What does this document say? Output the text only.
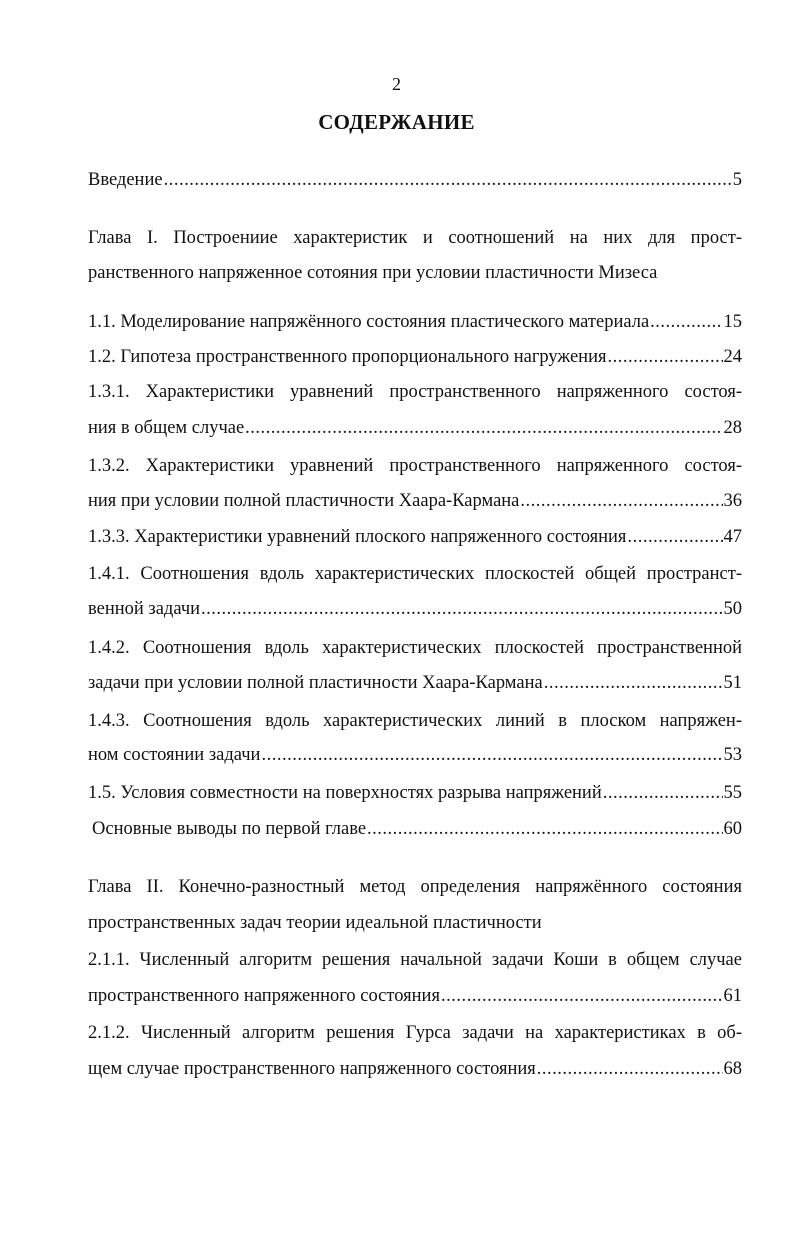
2
СОДЕРЖАНИЕ
Введение .....	5
Глава I. Построениие характеристик и соотношений на них для прост-
ранственного напряженное сотояния при условии пластичности Мизеса
1.1. Моделирование напряжённого состояния пластического материала .....	15
1.2. Гипотеза пространственного пропорционального нагружения .....	24
1.3.1. Характеристики уравнений пространственного напряженного состоя-
ния в общем случае .....	28
1.3.2. Характеристики уравнений пространственного напряженного состоя-
ния при условии полной пластичности Хаара-Кармана .....	36
1.3.3. Характеристики уравнений плоского напряженного состояния .....	47
1.4.1. Соотношения вдоль характеристических плоскостей общей пространст-
венной задачи .....	50
1.4.2. Соотношения вдоль характеристических плоскостей пространственной
задачи при условии полной пластичности Хаара-Кармана .....	51
1.4.3. Соотношения вдоль характеристических линий в плоском напряжен-
ном состоянии задачи .....	53
1.5. Условия совместности на поверхностях разрыва напряжений .....	55
Основные выводы по первой главе .....	60
Глава II. Конечно-разностный метод определения напряжённого состояния
пространственных задач теории идеальной пластичности
2.1.1. Численный алгоритм решения начальной задачи Коши в общем случае
пространственного напряженного состояния .....	61
2.1.2. Численный алгоритм решения Гурса задачи на характеристиках в об-
щем случае пространственного напряженного состояния .....	68
